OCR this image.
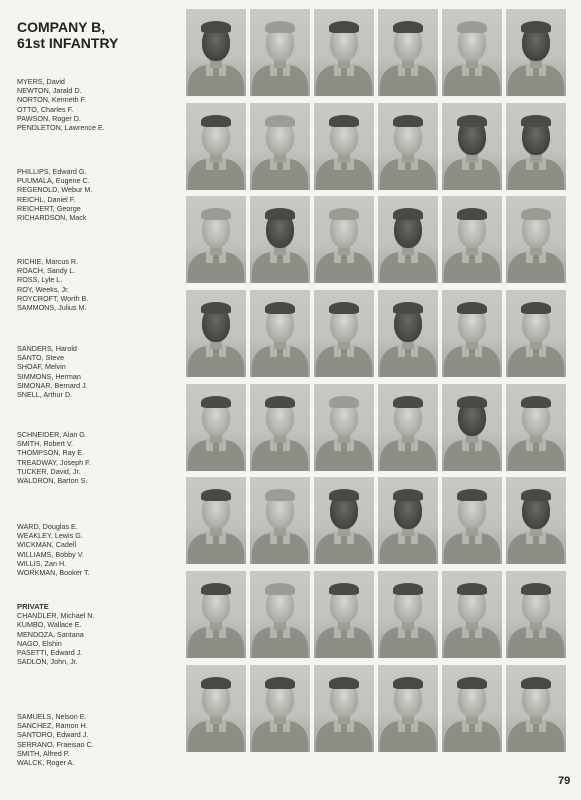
COMPANY B,
61st INFANTRY
MYERS, David
NEWTON, Jarald D.
NORTON, Kenneth F.
OTTO, Charles F.
PAWSON, Roger D.
PENDLETON, Lawrence E.
PHILLIPS, Edward G.
PUUMALA, Eugene C.
REGENOLD, Webur M.
REICHL, Daniel F.
REICHERT, George
RICHARDSON, Mack
RICHIE, Marcus R.
ROACH, Sandy L.
ROSS, Lyle L.
ROY, Weeks, Jr.
ROYCROFT, Worth B.
SAMMONS, Julius M.
SANDERS, Harold
SANTO, Steve
SHOAF, Melvin
SIMMONS, Herman
SIMONAR, Bernard J.
SNELL, Arthur D.
SCHNEIDER, Alan G.
SMITH, Robert V.
THOMPSON, Ray E.
TREADWAY, Joseph F.
TUCKER, David, Jr.
WALDRON, Barton S.
WARD, Douglas E.
WEAKLEY, Lewis G.
WICKMAN, Cadell
WILLIAMS, Bobby V.
WILLIS, Zan H.
WORKMAN, Booker T.
PRIVATE
CHANDLER, Michael N.
KUMBO, Wallace E.
MENDOZA, Santana
NAGO, Elshin
PASETTI, Edward J.
SADLON, John, Jr.
SAMUELS, Nelson E.
SANCHEZ, Ramon H.
SANTORO, Edward J.
SERRANO, Fraeisao C.
SMITH, Alfred P.
WALCK, Roger A.
79
